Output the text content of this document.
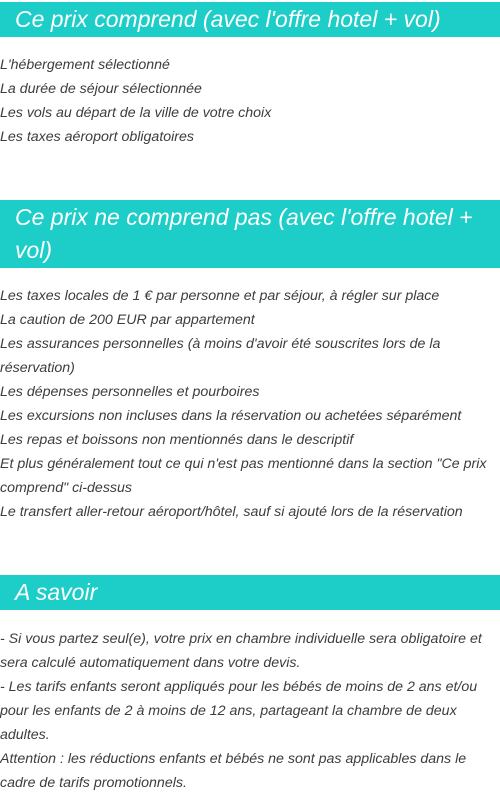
Ce prix comprend (avec l'offre hotel + vol)
L'hébergement sélectionné
La durée de séjour sélectionnée
Les vols au départ de la ville de votre choix
Les taxes aéroport obligatoires
Ce prix ne comprend pas (avec l'offre hotel + vol)
Les taxes locales de 1 € par personne et par séjour, à régler sur place
La caution de 200 EUR par appartement
Les assurances personnelles (à moins d'avoir été souscrites lors de la réservation)
Les dépenses personnelles et pourboires
Les excursions non incluses dans la réservation ou achetées séparément
Les repas et boissons non mentionnés dans le descriptif
Et plus généralement tout ce qui n'est pas mentionné dans la section "Ce prix comprend" ci-dessus
Le transfert aller-retour aéroport/hôtel, sauf si ajouté lors de la réservation
A savoir

- Si vous partez seul(e), votre prix en chambre individuelle sera obligatoire et sera calculé automatiquement dans votre devis.

- Les tarifs enfants seront appliqués pour les bébés de moins de 2 ans et/ou pour les enfants de 2 à moins de 12 ans, partageant la chambre de deux adultes.

Attention : les réductions enfants et bébés ne sont pas applicables dans le cadre de tarifs promotionnels.
